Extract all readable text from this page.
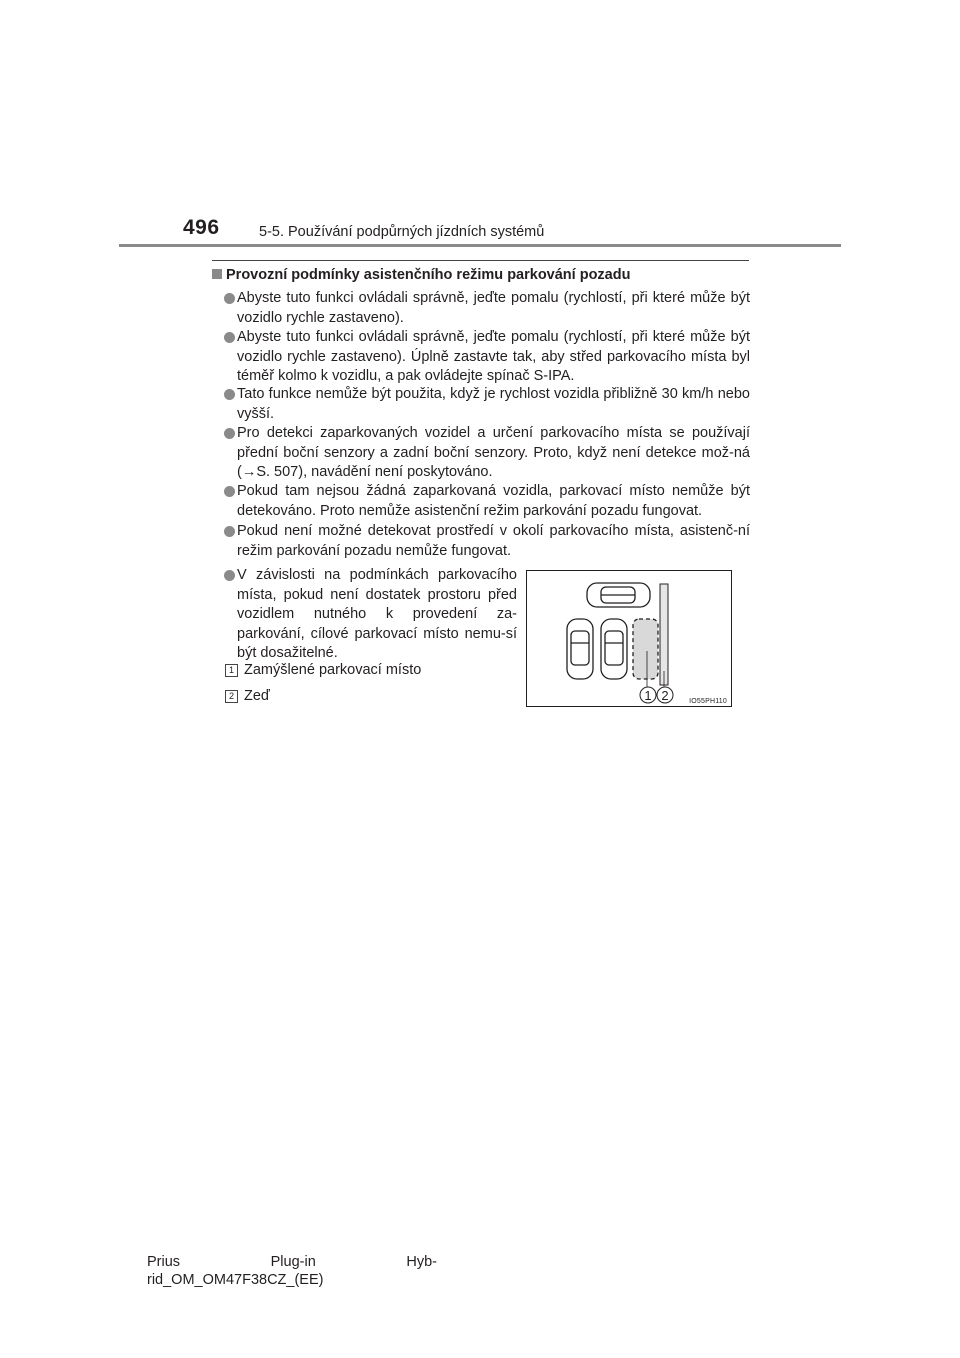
496	5-5. Používání podpůrných jízdních systémů
Provozní podmínky asistenčního režimu parkování pozadu
Abyste tuto funkci ovládali správně, jeďte pomalu (rychlostí, při které může být vozidlo rychle zastaveno).
Abyste tuto funkci ovládali správně, jeďte pomalu (rychlostí, při které může být vozidlo rychle zastaveno). Úplně zastavte tak, aby střed parkovacího místa byl téměř kolmo k vozidlu, a pak ovládejte spínač S-IPA.
Tato funkce nemůže být použita, když je rychlost vozidla přibližně 30 km/h nebo vyšší.
Pro detekci zaparkovaných vozidel a určení parkovacího místa se používají přední boční senzory a zadní boční senzory. Proto, když není detekce mož-ná (→S. 507), navádění není poskytováno.
Pokud tam nejsou žádná zaparkovaná vozidla, parkovací místo nemůže být detekováno. Proto nemůže asistenční režim parkování pozadu fungovat.
Pokud není možné detekovat prostředí v okolí parkovacího místa, asistenč-ní režim parkování pozadu nemůže fungovat.
V závislosti na podmínkách parkovacího místa, pokud není dostatek prostoru před vozidlem nutného k provedení za-parkování, cílové parkovací místo nemu-sí být dosažitelné.
1 Zamýšlené parkovací místo
2 Zeď	1 2	IO55PH110
Prius	Plug-in	Hyb-
rid_OM_OM47F38CZ_(EE)
